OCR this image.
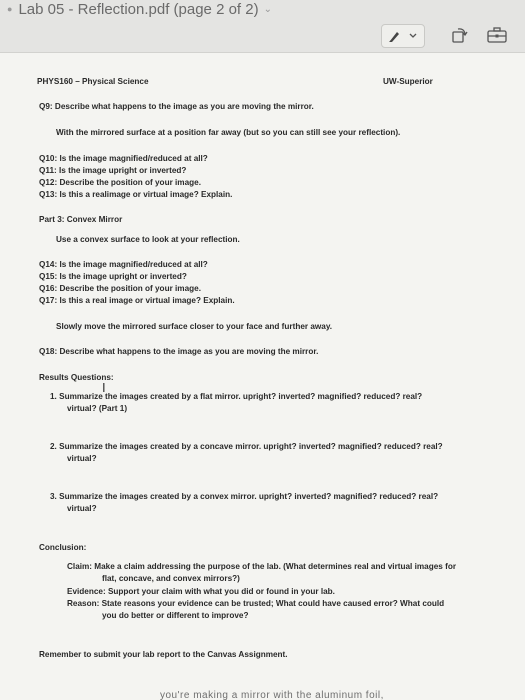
● Lab 05 - Reflection.pdf (page 2 of 2) ⌄
PHYS160 – Physical Science	UW-Superior
Q9: Describe what happens to the image as you are moving the mirror.
With the mirrored surface at a position far away (but so you can still see your reflection).
Q10: Is the image magnified/reduced at all?
Q11: Is the image upright or inverted?
Q12: Describe the position of your image.
Q13: Is this a realimage or virtual image? Explain.
Part 3: Convex Mirror
Use a convex surface to look at your reflection.
Q14: Is the image magnified/reduced at all?
Q15: Is the image upright or inverted?
Q16: Describe the position of your image.
Q17: Is this a real image or virtual image? Explain.
Slowly move the mirrored surface closer to your face and further away.
Q18: Describe what happens to the image as you are moving the mirror.
Results Questions:
I
1. Summarize the images created by a flat mirror. upright? inverted? magnified? reduced? real?
virtual? (Part 1)
2. Summarize the images created by a concave mirror. upright? inverted? magnified? reduced? real?
virtual?
3. Summarize the images created by a convex mirror. upright? inverted? magnified? reduced? real?
virtual?
Conclusion:
Claim: Make a claim addressing the purpose of the lab. (What determines real and virtual images for
flat, concave, and convex mirrors?)
Evidence: Support your claim with what you did or found in your lab.
Reason: State reasons your evidence can be trusted; What could have caused error? What could
you do better or different to improve?
Remember to submit your lab report to the Canvas Assignment.
you're making a mirror with the aluminum foil,
